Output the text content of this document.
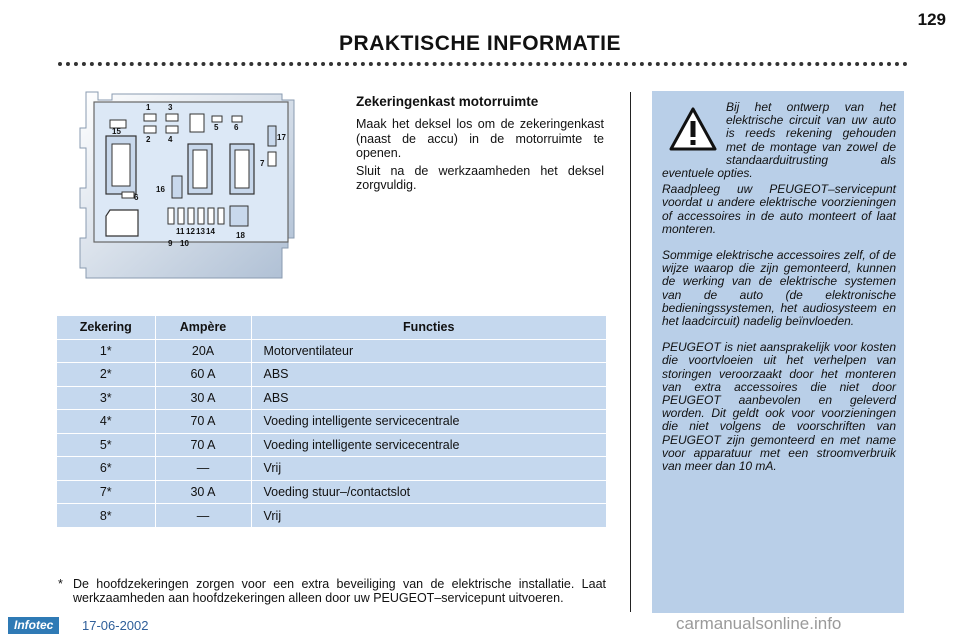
129
PRAKTISCHE INFORMATIE
1 3
15
2 4
5 6
17
7
16
6
11 12 13 14
9 10
18
Zekeringenkast motorruimte

Maak het deksel los om de zekeringenkast (naast de accu) in de motorruimte te openen.

Sluit na de werkzaamheden het deksel zorgvuldig.

Bij het ontwerp van het elektrische circuit van uw auto is reeds rekening gehouden met de montage van zowel de standaarduitrusting als eventuele opties.

Raadpleeg uw PEUGEOT–servicepunt voordat u andere elektrische voorzieningen of accessoires in de auto monteert of laat monteren.

Sommige elektrische accessoires zelf, of de wijze waarop die zijn gemonteerd, kunnen de werking van de elektrische systemen van de auto (de elektronische bedieningssystemen, het audiosysteem en het laadcircuit) nadelig beïnvloeden.

PEUGEOT is niet aansprakelijk voor kosten die voortvloeien uit het verhelpen van storingen veroorzaakt door het monteren van extra accessoires die niet door PEUGEOT aanbevolen en geleverd worden. Dit geldt ook voor voorzieningen die niet volgens de voorschriften van PEUGEOT zijn gemonteerd en met name voor apparatuur met een stroomverbruik van meer dan 10 mA.

Zekering	Ampère	Functies
1*	20A	Motorventilateur
2*	60 A	ABS
3*	30 A	ABS
4*	70 A	Voeding intelligente servicecentrale
5*	70 A	Voeding intelligente servicecentrale
6*	—	Vrij
7*	30 A	Voeding stuur–/contactslot
8*	—	Vrij
* De hoofdzekeringen zorgen voor een extra beveiliging van de elektrische installatie. Laat werkzaamheden aan hoofdzekeringen alleen door uw PEUGEOT–servicepunt uitvoeren.
Infotec	17-06-2002	carmanualsonline.info
